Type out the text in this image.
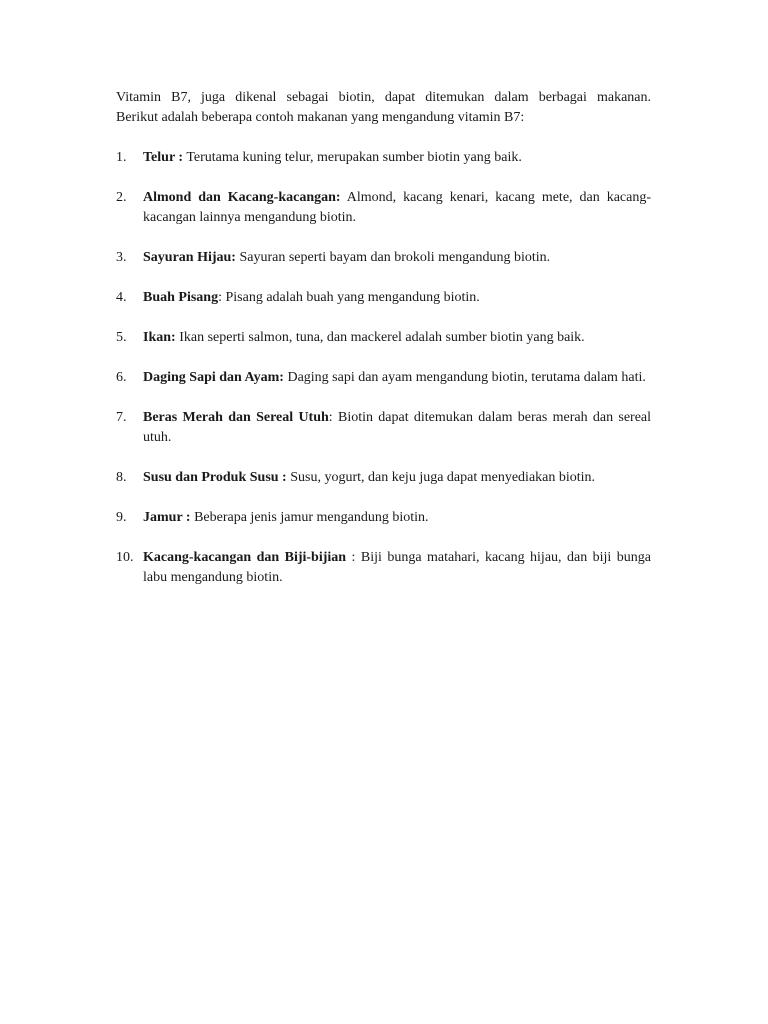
Vitamin B7, juga dikenal sebagai biotin, dapat ditemukan dalam berbagai makanan.
Berikut adalah beberapa contoh makanan yang mengandung vitamin B7:

1. Telur : Terutama kuning telur, merupakan sumber biotin yang baik.
2. Almond dan Kacang-kacangan: Almond, kacang kenari, kacang mete, dan kacang-kacangan lainnya mengandung biotin.
3. Sayuran Hijau: Sayuran seperti bayam dan brokoli mengandung biotin.
4. Buah Pisang: Pisang adalah buah yang mengandung biotin.
5. Ikan: Ikan seperti salmon, tuna, dan mackerel adalah sumber biotin yang baik.
6. Daging Sapi dan Ayam: Daging sapi dan ayam mengandung biotin, terutama dalam hati.
7. Beras Merah dan Sereal Utuh: Biotin dapat ditemukan dalam beras merah dan sereal utuh.
8. Susu dan Produk Susu : Susu, yogurt, dan keju juga dapat menyediakan biotin.
9. Jamur : Beberapa jenis jamur mengandung biotin.
10. Kacang-kacangan dan Biji-bijian : Biji bunga matahari, kacang hijau, dan biji bunga labu mengandung biotin.
